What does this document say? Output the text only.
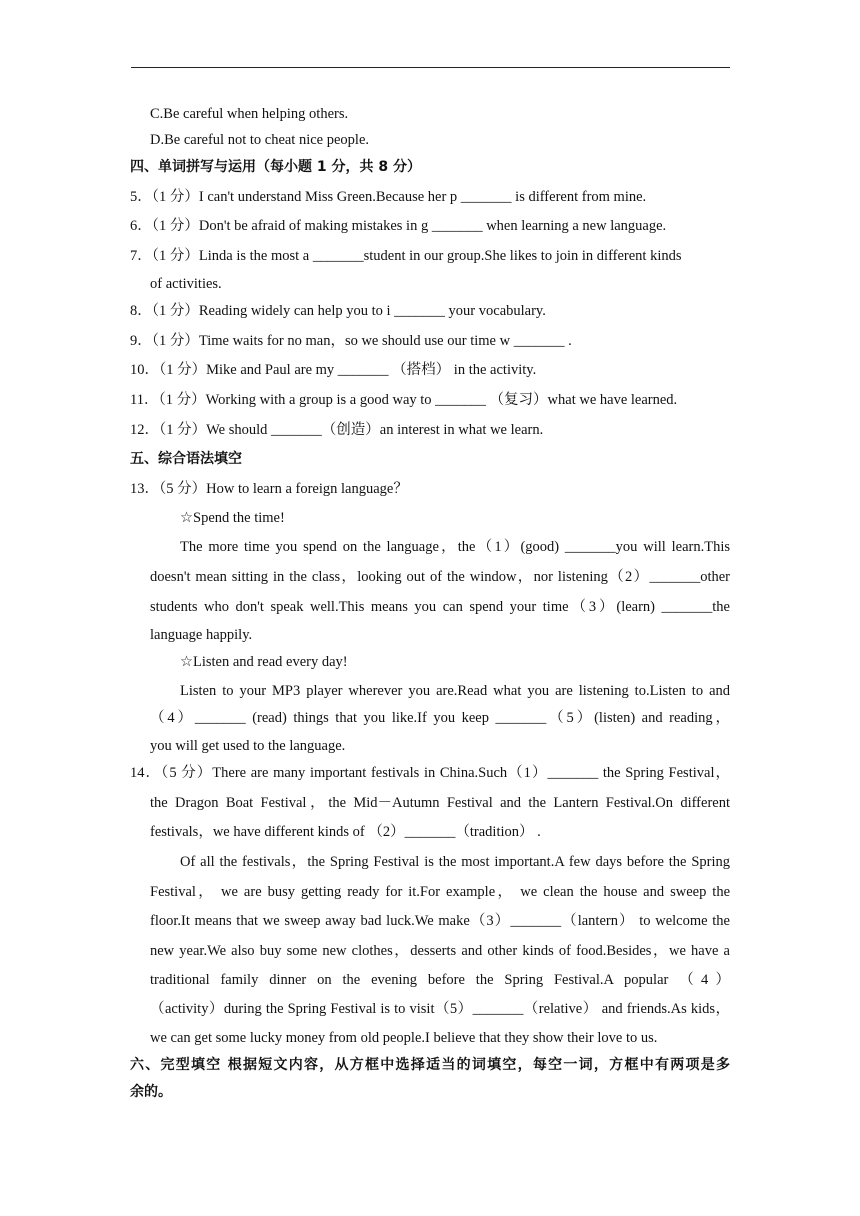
C.Be careful when helping others.
D.Be careful not to cheat nice people.
四、单词拼写与运用（每小题 1 分，共 8 分）
5．（1 分）I can't understand Miss Green.Because her p _______ is different from mine.
6．（1 分）Don't be afraid of making mistakes in g _______ when learning a new language.
7．（1 分）Linda is the most a _______student in our group.She likes to join in different kinds
of activities.
8．（1 分）Reading widely can help you to i _______ your vocabulary.
9．（1 分）Time waits for no man，so we should use our time w _______ .
10．（1 分）Mike and Paul are my _______ （搭档） in the activity.
11．（1 分）Working with a group is a good way to _______ （复习）what we have learned.
12．（1 分）We should _______（创造）an interest in what we learn.
五、综合语法填空
13．（5 分）How to learn a foreign language？
☆Spend the time!
The more time you spend on the language，the（1）(good) _______you will learn.This
doesn't mean sitting in the class，looking out of the window，nor listening（2）_______other
students who don't speak well.This means you can spend your time（3）(learn) _______the
language happily.
☆Listen and read every day!
Listen to your MP3 player wherever you are.Read what you are listening to.Listen to and
（4）_______ (read) things that you like.If you keep _______（5）(listen) and reading，
you will get used to the language.
14．（5 分）There are many important festivals in China.Such（1）_______ the Spring Festival，
the Dragon Boat Festival，the Mid－Autumn Festival and the Lantern Festival.On different
festivals，we have different kinds of （2）_______（tradition） .
Of all the festivals，the Spring Festival is the most important.A few days before the Spring
Festival， we are busy getting ready for it.For example， we clean the house and sweep the
floor.It means that we sweep away bad luck.We make（3）_______（lantern） to welcome the
new year.We also buy some new clothes，desserts and other kinds of food.Besides，we have a
traditional family dinner on the evening before the Spring Festival.A popular （4）
（activity）during the Spring Festival is to visit（5）_______（relative） and friends.As kids，
we can get some lucky money from old people.I believe that they show their love to us.
六、完型填空 根据短文内容，从方框中选择适当的词填空，每空一词，方框中有两项是多
余的。
